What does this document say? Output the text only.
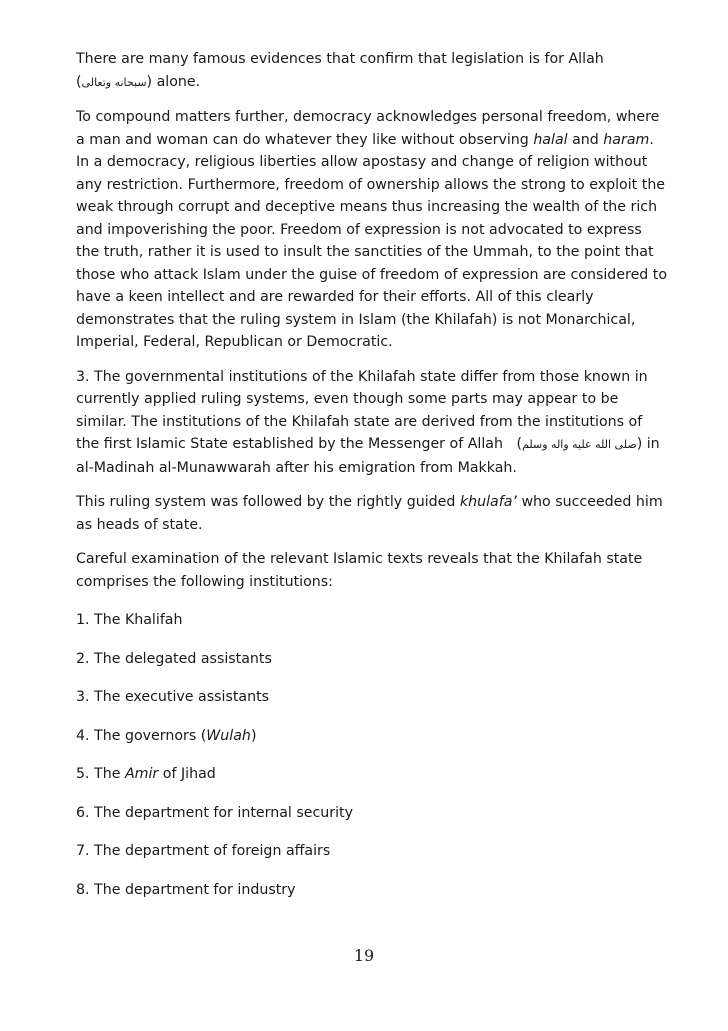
There are many famous evidences that confirm that legislation is for Allah
(سبحانه وتعالى) alone.

To compound matters further, democracy acknowledges personal freedom, where a man and woman can do whatever they like without observing halal and haram. In a democracy, religious liberties allow apostasy and change of religion without any restriction. Furthermore, freedom of ownership allows the strong to exploit the weak through corrupt and deceptive means thus increasing the wealth of the rich and impoverishing the poor. Freedom of expression is not advocated to express the truth, rather it is used to insult the sanctities of the Ummah, to the point that those who attack Islam under the guise of freedom of expression are considered to have a keen intellect and are rewarded for their efforts. All of this clearly demonstrates that the ruling system in Islam (the Khilafah) is not Monarchical, Imperial, Federal, Republican or Democratic.

3. The governmental institutions of the Khilafah state differ from those known in currently applied ruling systems, even though some parts may appear to be similar. The institutions of the Khilafah state are derived from the institutions of the first Islamic State established by the Messenger of Allah   (صلى الله عليه واله وسلم) in al-Madinah al-Munawwarah after his emigration from Makkah.

This ruling system was followed by the rightly guided khulafa’ who succeeded him as heads of state.

Careful examination of the relevant Islamic texts reveals that the Khilafah state comprises the following institutions:

1. The Khalifah
2. The delegated assistants
3. The executive assistants
4. The governors (Wulah)
5. The Amir of Jihad
6. The department for internal security
7. The department of foreign affairs
8. The department for industry
19
